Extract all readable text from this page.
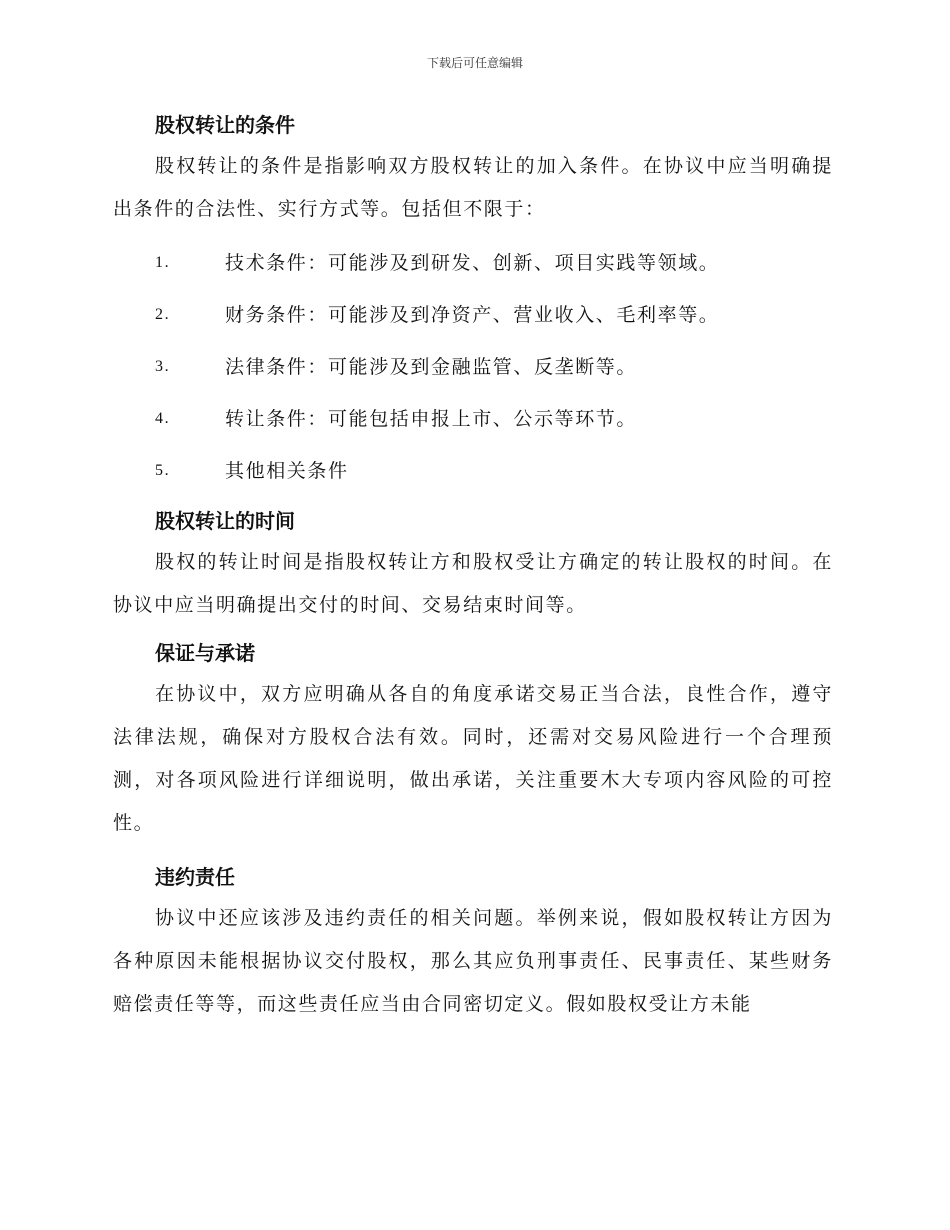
下载后可任意编辑
股权转让的条件

股权转让的条件是指影响双方股权转让的加入条件。在协议中应当明确提出条件的合法性、实行方式等。包括但不限于：

1.	技术条件：可能涉及到研发、创新、项目实践等领域。
2.	财务条件：可能涉及到净资产、营业收入、毛利率等。
3.	法律条件：可能涉及到金融监管、反垄断等。
4.	转让条件：可能包括申报上市、公示等环节。
5.	其他相关条件
股权转让的时间

股权的转让时间是指股权转让方和股权受让方确定的转让股权的时间。在协议中应当明确提出交付的时间、交易结束时间等。

保证与承诺

在协议中，双方应明确从各自的角度承诺交易正当合法，良性合作，遵守法律法规，确保对方股权合法有效。同时，还需对交易风险进行一个合理预测，对各项风险进行详细说明，做出承诺，关注重要木大专项内容风险的可控性。

违约责任

协议中还应该涉及违约责任的相关问题。举例来说，假如股权转让方因为各种原因未能根据协议交付股权，那么其应负刑事责任、民事责任、某些财务赔偿责任等等，而这些责任应当由合同密切定义。假如股权受让方未能
